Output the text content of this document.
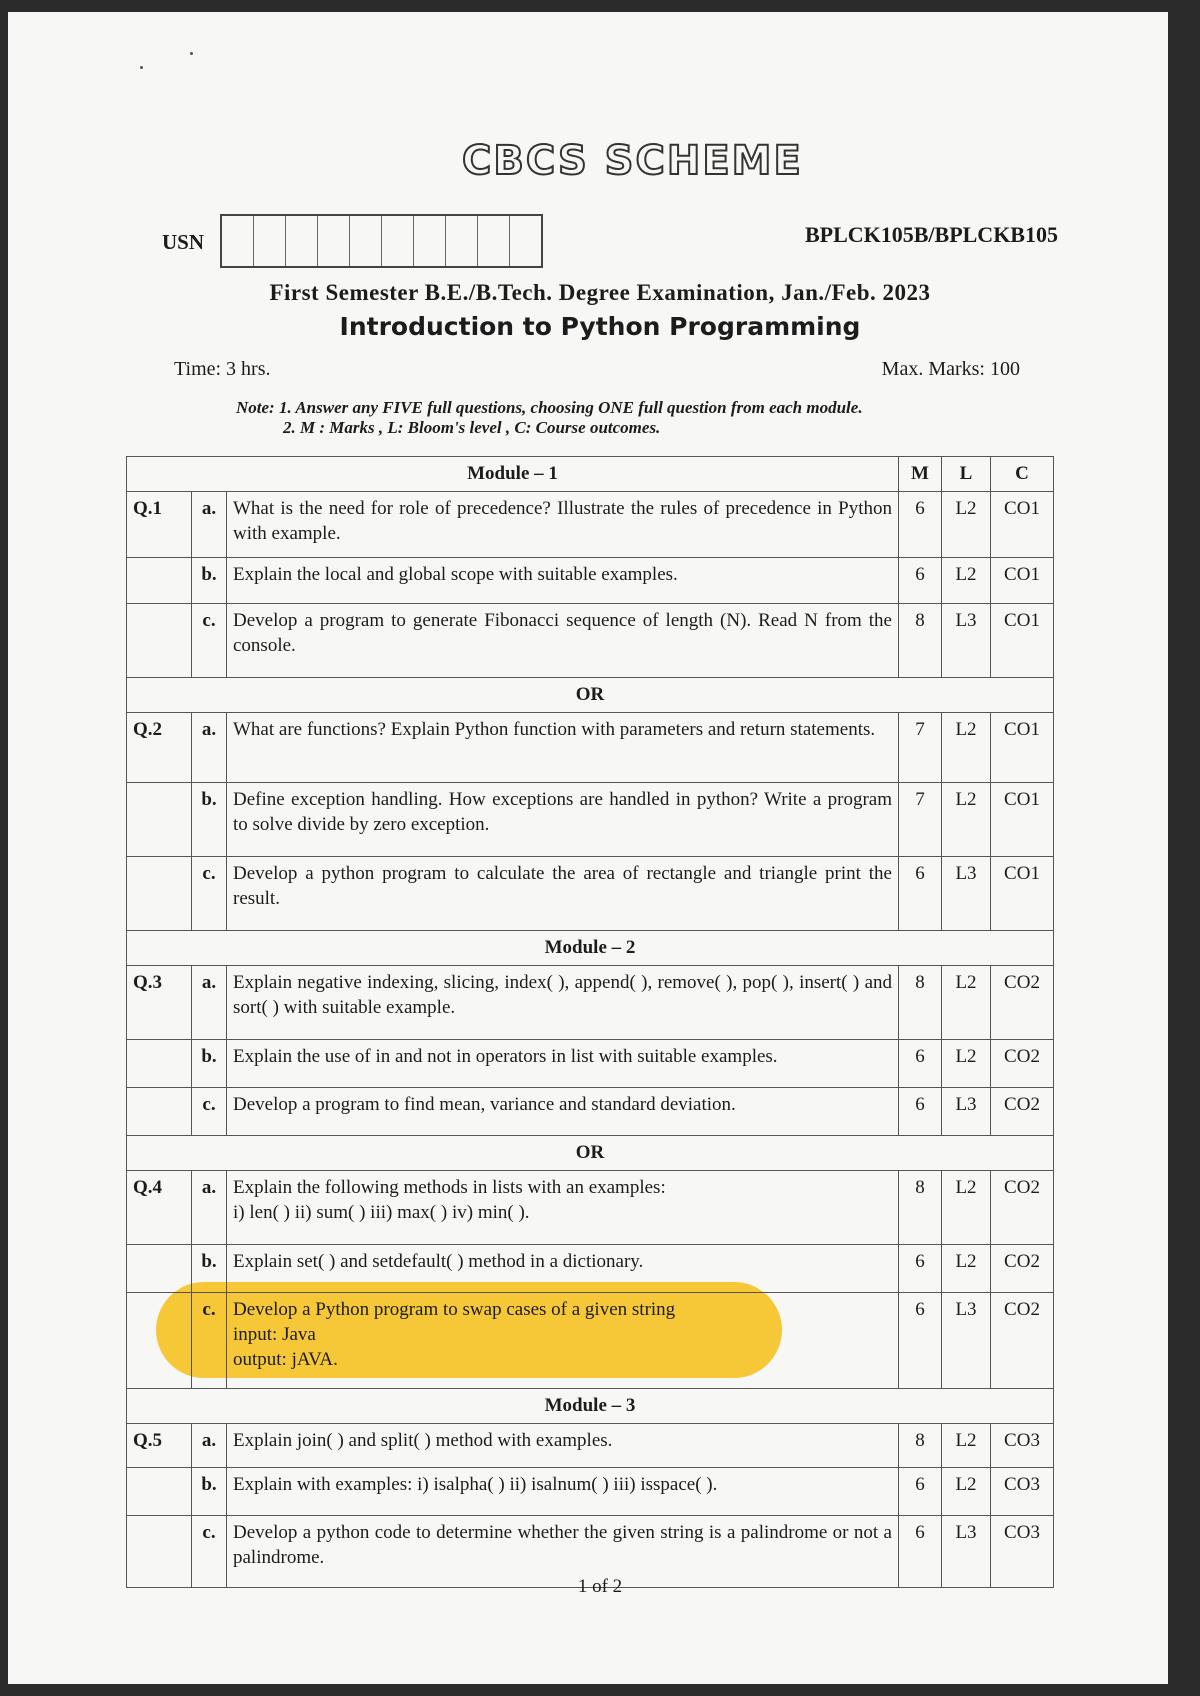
CBCS SCHEME
USN	BPLCK105B/BPLCKB105
First Semester B.E./B.Tech. Degree Examination, Jan./Feb. 2023
Introduction to Python Programming
Time: 3 hrs.	Max. Marks: 100
Note: 1. Answer any FIVE full questions, choosing ONE full question from each module.
2. M : Marks , L: Bloom's level , C: Course outcomes.
Module – 1			M	L	C
Q.1	a.	What is the need for role of precedence? Illustrate the rules of precedence in Python with example.	6	L2	CO1
	b.	Explain the local and global scope with suitable examples.	6	L2	CO1
	c.	Develop a program to generate Fibonacci sequence of length (N). Read N from the console.	8	L3	CO1
OR					
Q.2	a.	What are functions? Explain Python function with parameters and return statements.	7	L2	CO1
	b.	Define exception handling. How exceptions are handled in python? Write a program to solve divide by zero exception.	7	L2	CO1
	c.	Develop a python program to calculate the area of rectangle and triangle print the result.	6	L3	CO1
Module – 2					
Q.3	a.	Explain negative indexing, slicing, index( ), append( ), remove( ), pop( ), insert( ) and sort( ) with suitable example.	8	L2	CO2
	b.	Explain the use of in and not in operators in list with suitable examples.	6	L2	CO2
	c.	Develop a program to find mean, variance and standard deviation.	6	L3	CO2
OR					
Q.4	a.	Explain the following methods in lists with an examples:
i) len( ) ii) sum( ) iii) max( ) iv) min( ).	8	L2	CO2
	b.	Explain set( ) and setdefault( ) method in a dictionary.	6	L2	CO2
	c.	Develop a Python program to swap cases of a given string
input: Java
output: jAVA.	6	L3	CO2
Module – 3					
Q.5	a.	Explain join( ) and split( ) method with examples.	8	L2	CO3
	b.	Explain with examples: i) isalpha( ) ii) isalnum( ) iii) isspace( ).	6	L2	CO3
	c.	Develop a python code to determine whether the given string is a palindrome or not a palindrome.	6	L3	CO3
1 of 2
